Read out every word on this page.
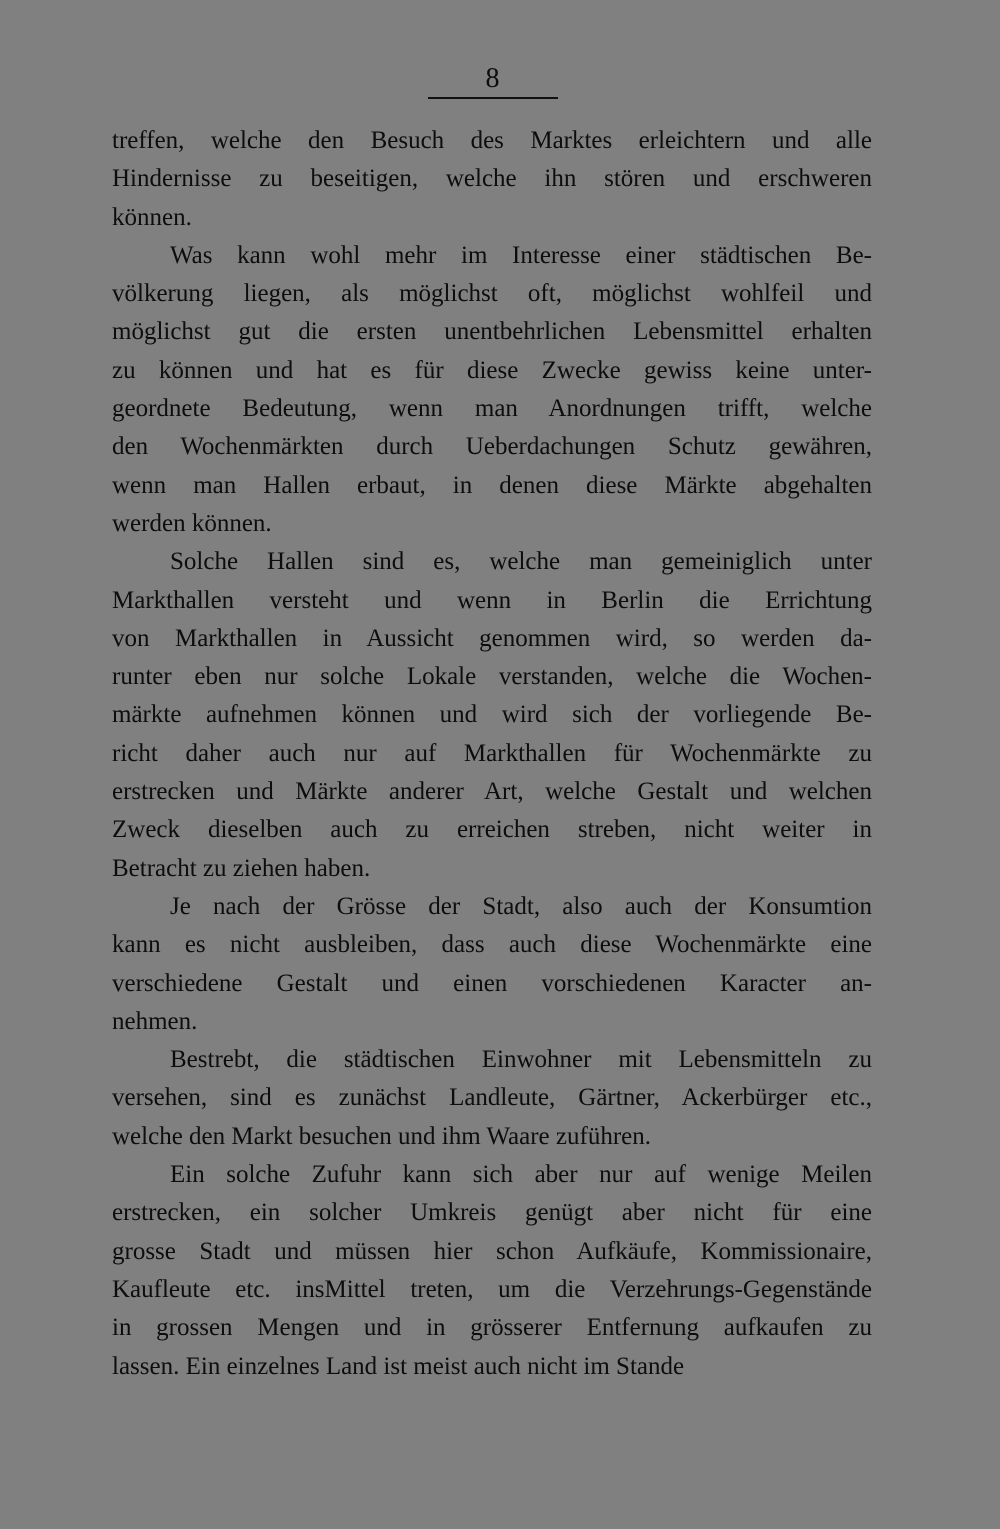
8
treffen, welche den Besuch des Marktes erleichtern und alle
Hindernisse zu beseitigen, welche ihn stören und erschweren
können.
Was kann wohl mehr im Interesse einer städtischen Be-
völkerung liegen, als möglichst oft, möglichst wohlfeil und
möglichst gut die ersten unentbehrlichen Lebensmittel erhalten
zu können und hat es für diese Zwecke gewiss keine unter-
geordnete Bedeutung, wenn man Anordnungen trifft, welche
den Wochenmärkten durch Ueberdachungen Schutz gewähren,
wenn man Hallen erbaut, in denen diese Märkte abgehalten
werden können.
Solche Hallen sind es, welche man gemeiniglich unter
Markthallen versteht und wenn in Berlin die Errichtung
von Markthallen in Aussicht genommen wird, so werden da-
runter eben nur solche Lokale verstanden, welche die Wochen-
märkte aufnehmen können und wird sich der vorliegende Be-
richt daher auch nur auf Markthallen für Wochenmärkte zu
erstrecken und Märkte anderer Art, welche Gestalt und welchen
Zweck dieselben auch zu erreichen streben, nicht weiter in
Betracht zu ziehen haben.
Je nach der Grösse der Stadt, also auch der Konsumtion
kann es nicht ausbleiben, dass auch diese Wochenmärkte eine
verschiedene Gestalt und einen vorschiedenen Karacter an-
nehmen.
Bestrebt, die städtischen Einwohner mit Lebensmitteln zu
versehen, sind es zunächst Landleute, Gärtner, Ackerbürger etc.,
welche den Markt besuchen und ihm Waare zuführen.
Ein solche Zufuhr kann sich aber nur auf wenige Meilen
erstrecken, ein solcher Umkreis genügt aber nicht für eine
grosse Stadt und müssen hier schon Aufkäufe, Kommissionaire,
Kaufleute etc. insMittel treten, um die Verzehrungs-Gegenstände
in grossen Mengen und in grösserer Entfernung aufkaufen zu
lassen. Ein einzelnes Land ist meist auch nicht im Stande
